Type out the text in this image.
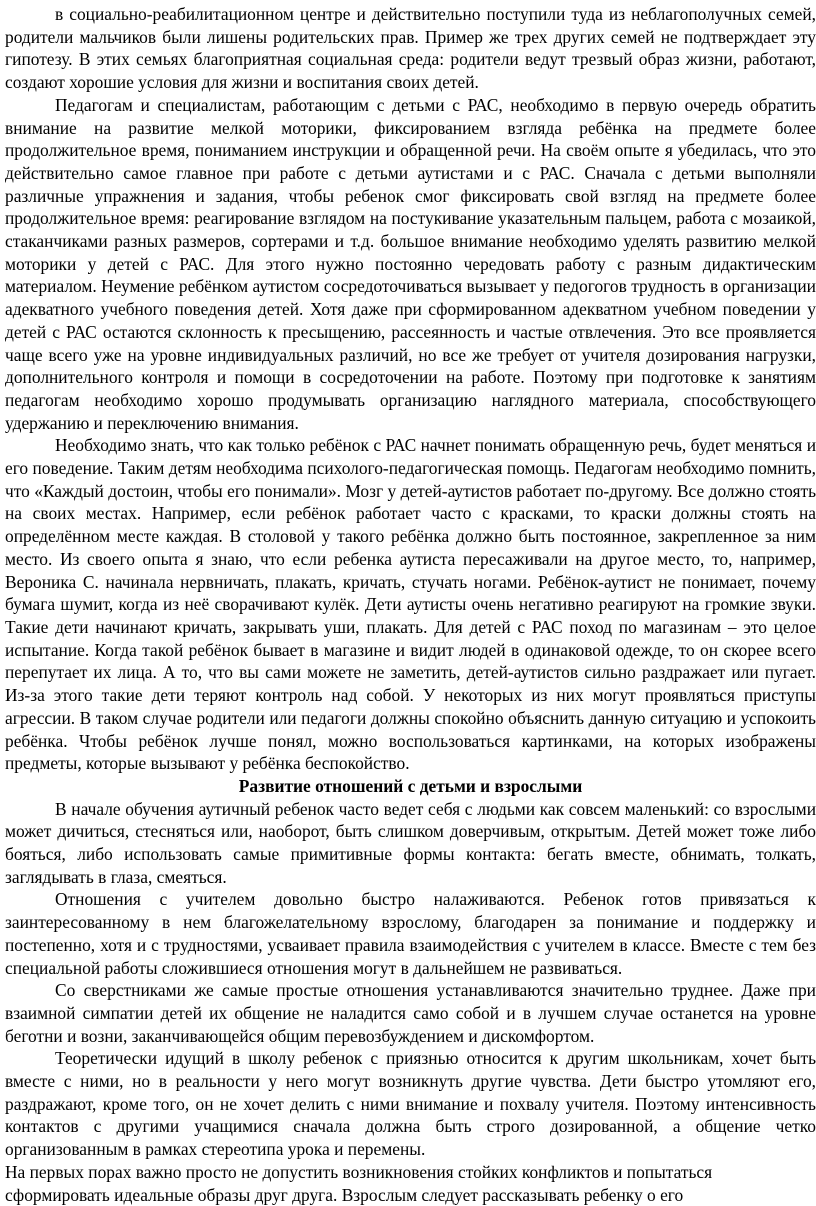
в социально-реабилитационном центре и действительно поступили туда из неблагополучных семей, родители мальчиков были лишены родительских прав. Пример же трех других семей не подтверждает эту гипотезу. В этих семьях благоприятная социальная среда: родители ведут трезвый образ жизни, работают, создают хорошие условия для жизни и воспитания своих детей.

Педагогам и специалистам, работающим с детьми с РАС, необходимо в первую очередь обратить внимание на развитие мелкой моторики, фиксированием взгляда ребёнка на предмете более продолжительное время, пониманием инструкции и обращенной речи. На своём опыте я убедилась, что это действительно самое главное при работе с детьми аутистами и с РАС. Сначала с детьми выполняли различные упражнения и задания, чтобы ребенок смог фиксировать свой взгляд на предмете более продолжительное время: реагирование взглядом на постукивание указательным пальцем, работа с мозаикой, стаканчиками разных размеров, сортерами и т.д. большое внимание необходимо уделять развитию мелкой моторики у детей с РАС. Для этого нужно постоянно чередовать работу с разным дидактическим материалом. Неумение ребёнком аутистом сосредоточиваться вызывает у педогогов трудность в организации адекватного учебного поведения детей. Хотя даже при сформированном адекватном учебном поведении у детей с РАС остаются склонность к пресыщению, рассеянность и частые отвлечения. Это все проявляется чаще всего уже на уровне индивидуальных различий, но все же требует от учителя дозирования нагрузки, дополнительного контроля и помощи в сосредоточении на работе. Поэтому при подготовке к занятиям педагогам необходимо хорошо продумывать организацию наглядного материала, способствующего удержанию и переключению внимания.

Необходимо знать, что как только ребёнок с РАС начнет понимать обращенную речь, будет меняться и его поведение. Таким детям необходима психолого-педагогическая помощь. Педагогам необходимо помнить, что «Каждый достоин, чтобы его понимали». Мозг у детей-аутистов работает по-другому. Все должно стоять на своих местах. Например, если ребёнок работает часто с красками, то краски должны стоять на определённом месте каждая. В столовой у такого ребёнка должно быть постоянное, закрепленное за ним место. Из своего опыта я знаю, что если ребенка аутиста пересаживали на другое место, то, например, Вероника С. начинала нервничать, плакать, кричать, стучать ногами. Ребёнок-аутист не понимает, почему бумага шумит, когда из неё сворачивают кулёк. Дети аутисты очень негативно реагируют на громкие звуки. Такие дети начинают кричать, закрывать уши, плакать. Для детей с РАС поход по магазинам – это целое испытание. Когда такой ребёнок бывает в магазине и видит людей в одинаковой одежде, то он скорее всего перепутает их лица. А то, что вы сами можете не заметить, детей-аутистов сильно раздражает или пугает. Из-за этого такие дети теряют контроль над собой. У некоторых из них могут проявляться приступы агрессии. В таком случае родители или педагоги должны спокойно объяснить данную ситуацию и успокоить ребёнка. Чтобы ребёнок лучше понял, можно воспользоваться картинками, на которых изображены предметы, которые вызывают у ребёнка беспокойство.

Развитие отношений с детьми и взрослыми

В начале обучения аутичный ребенок часто ведет себя с людьми как совсем маленький: со взрослыми может дичиться, стесняться или, наоборот, быть слишком доверчивым, открытым. Детей может тоже либо бояться, либо использовать самые примитивные формы контакта: бегать вместе, обнимать, толкать, заглядывать в глаза, смеяться.

Отношения с учителем довольно быстро налаживаются. Ребенок готов привязаться к заинтересованному в нем благожелательному взрослому, благодарен за понимание и поддержку и постепенно, хотя и с трудностями, усваивает правила взаимодействия с учителем в классе. Вместе с тем без специальной работы сложившиеся отношения могут в дальнейшем не развиваться.

Со сверстниками же самые простые отношения устанавливаются значительно труднее. Даже при взаимной симпатии детей их общение не наладится само собой и в лучшем случае останется на уровне беготни и возни, заканчивающейся общим перевозбуждением и дискомфортом.

Теоретически идущий в школу ребенок с приязнью относится к другим школьникам, хочет быть вместе с ними, но в реальности у него могут возникнуть другие чувства. Дети быстро утомляют его, раздражают, кроме того, он не хочет делить с ними внимание и похвалу учителя. Поэтому интенсивность контактов с другими учащимися сначала должна быть строго дозированной, а общение четко организованным в рамках стереотипа урока и перемены.

На первых порах важно просто не допустить возникновения стойких конфликтов и попытаться сформировать идеальные образы друг друга. Взрослым следует рассказывать ребенку о его
